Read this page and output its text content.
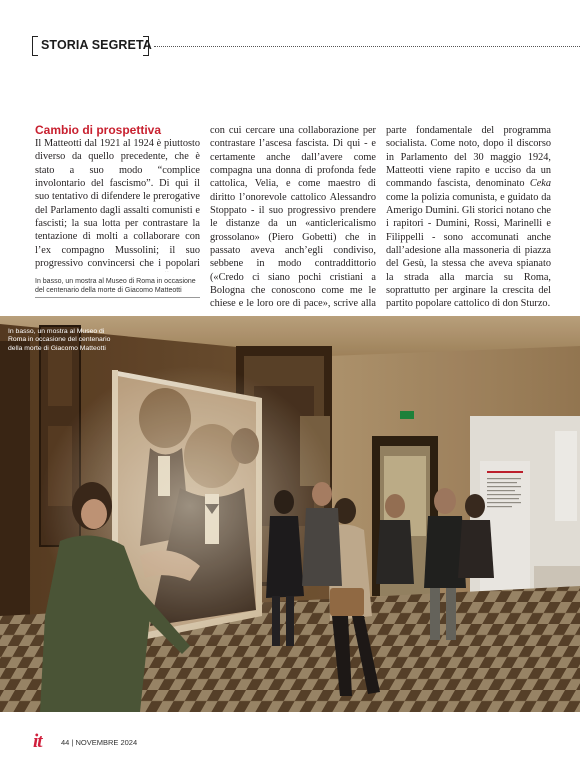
STORIA SEGRETA
Cambio di prospettiva
Il Matteotti dal 1921 al 1924 è piuttosto diverso da quello precedente, che è stato a suo modo “complice involontario del fascismo”. Di qui il suo tentativo di difendere le prerogative del Parlamento dagli assalti comunisti e fascisti; la sua lotta per contrastare la tentazione di molti a collaborare con l’ex compagno Mussolini; il suo progressivo convincersi che i popolari
In basso, un mostra al Museo di Roma in occasione del centenario della morte di Giacomo Matteotti
con cui cercare una collaborazione per contrastare l’ascesa fascista. Di qui - e certamente anche dall’avere come compagna una donna di profonda fede cattolica, Velia, e come maestro di diritto l’onorevole cattolico Alessandro Stoppato - il suo progressivo prendere le distanze da un «anticlericalismo grossolano» (Piero Gobetti) che in passato aveva anch’egli condiviso, sebbene in modo contraddittorio («Credo ci siano pochi cristiani a Bologna che conoscono come me le chiese e le loro ore di pace», scrive alla
parte fondamentale del programma socialista. Come noto, dopo il discorso in Parlamento del 30 maggio 1924, Matteotti viene rapito e ucciso da un commando fascista, denominato Ceka come la polizia comunista, e guidato da Amerigo Dumini. Gli storici notano che i rapitori - Dumini, Rossi, Marinelli e Filippelli - sono accomunati anche dall’adesione alla massoneria di piazza del Gesù, la stessa che aveva spianato la strada alla marcia su Roma, soprattutto per arginare la crescita del partito popolare cattolico di don Sturzo.
In basso, un mostra al Museo di Roma in occasione del centenario della morte di Giacomo Matteotti
it	44 | NOVEMBRE 2024
